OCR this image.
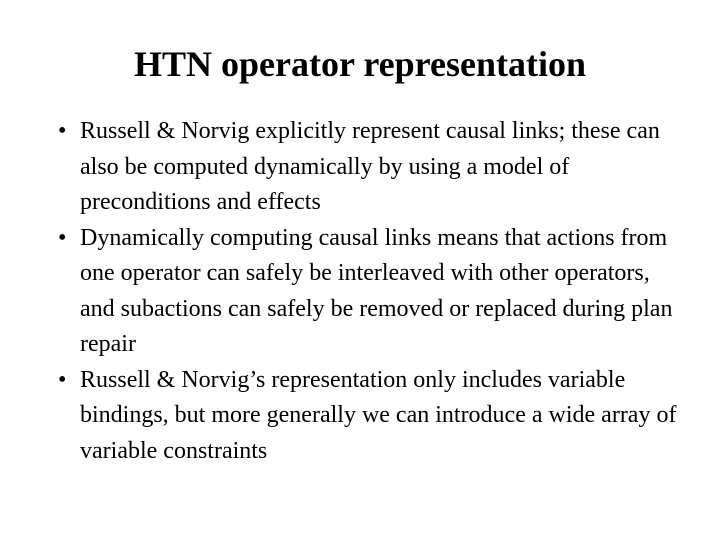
HTN operator representation
• Russell & Norvig explicitly represent causal links; these can also be computed dynamically by using a model of preconditions and effects
• Dynamically computing causal links means that actions from one operator can safely be interleaved with other operators, and subactions can safely be removed or replaced during plan repair
• Russell & Norvig’s representation only includes variable bindings, but more generally we can introduce a wide array of variable constraints
